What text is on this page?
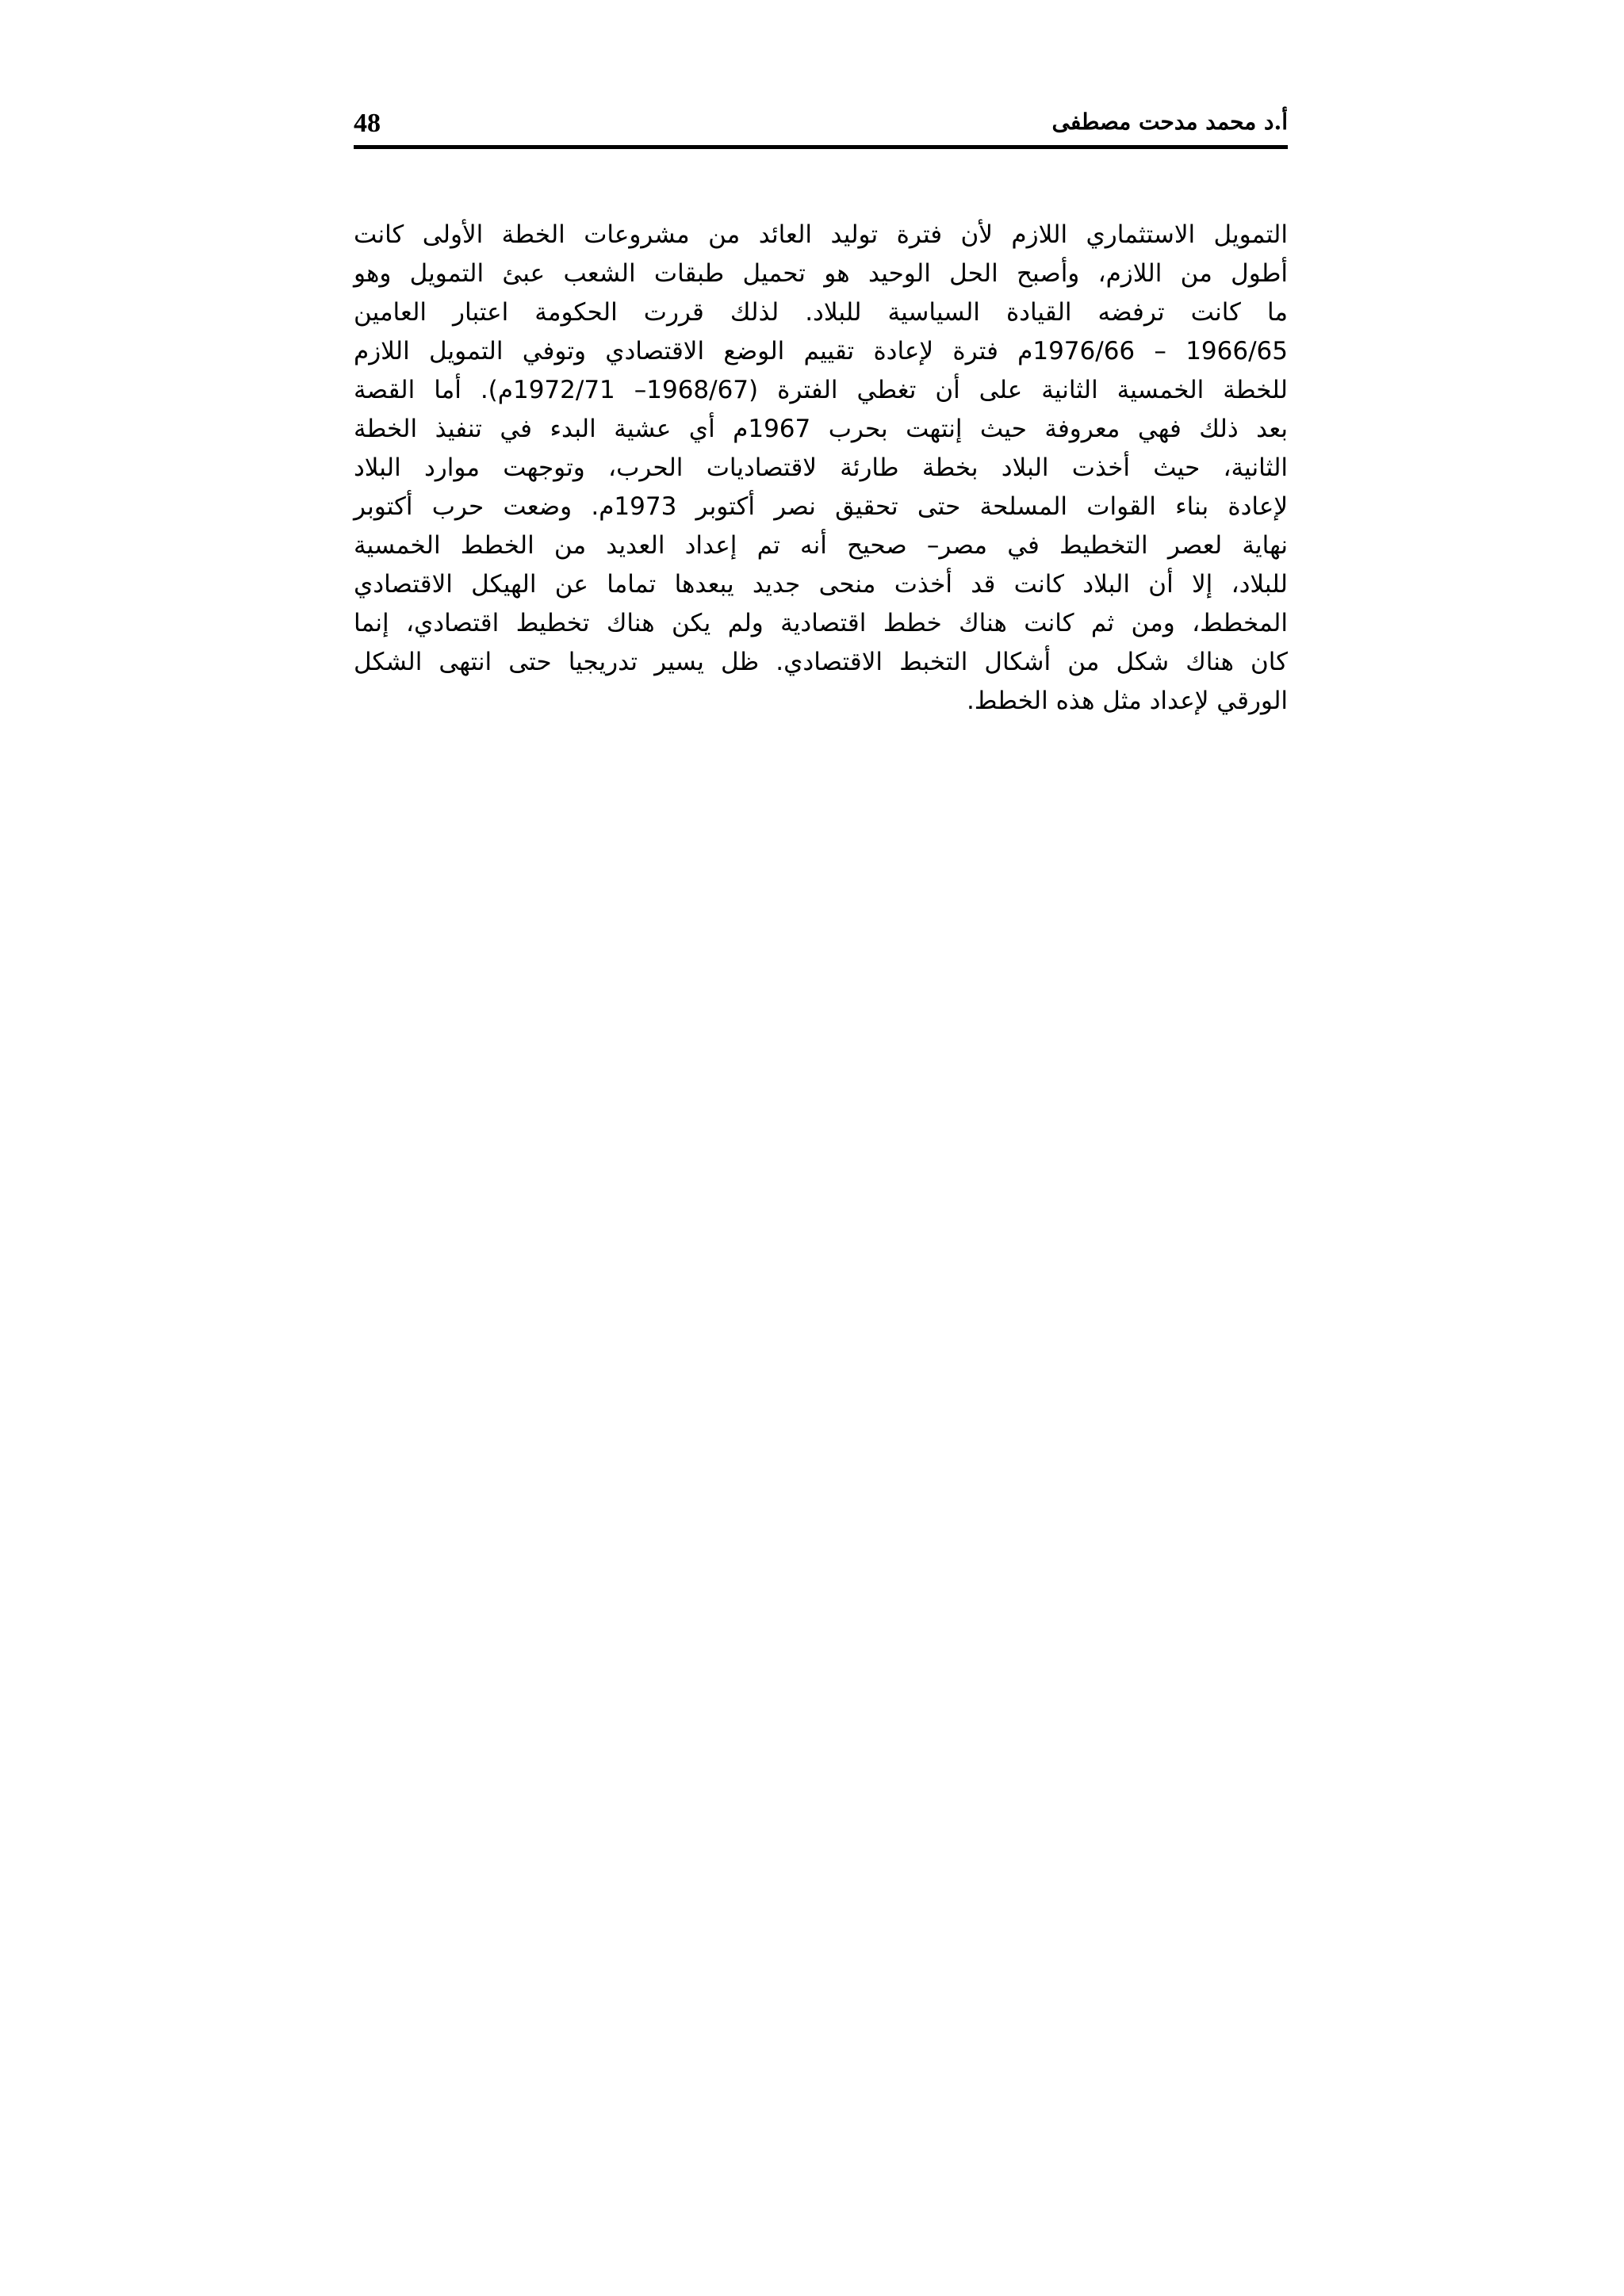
48	أ.د محمد مدحت مصطفى
التمويل الاستثماري اللازم لأن فترة توليد العائد من مشروعات الخطة الأولى كانت
أطول من اللازم، وأصبح الحل الوحيد هو تحميل طبقات الشعب عبئ التمويل وهو
ما كانت ترفضه القيادة السياسية للبلاد. لذلك قررت الحكومة اعتبار العامين
1966/65 – 1976/66م فترة لإعادة تقييم الوضع الاقتصادي وتوفي التمويل اللازم
للخطة الخمسية الثانية على أن تغطي الفترة (1968/67– 1972/71م). أما القصة
بعد ذلك فهي معروفة حيث إنتهت بحرب 1967م أي عشية البدء في تنفيذ الخطة
الثانية، حيث أخذت البلاد بخطة طارئة لاقتصاديات الحرب، وتوجهت موارد البلاد
لإعادة بناء القوات المسلحة حتى تحقيق نصر أكتوبر 1973م. وضعت حرب أكتوبر
نهاية لعصر التخطيط في مصر– صحيح أنه تم إعداد العديد من الخطط الخمسية
للبلاد، إلا أن البلاد كانت قد أخذت منحى جديد يبعدها تماما عن الهيكل الاقتصادي
المخطط، ومن ثم كانت هناك خطط اقتصادية ولم يكن هناك تخطيط اقتصادي، إنما
كان هناك شكل من أشكال التخبط الاقتصادي. ظل يسير تدريجيا حتى انتهى الشكل
الورقي لإعداد مثل هذه الخطط.
